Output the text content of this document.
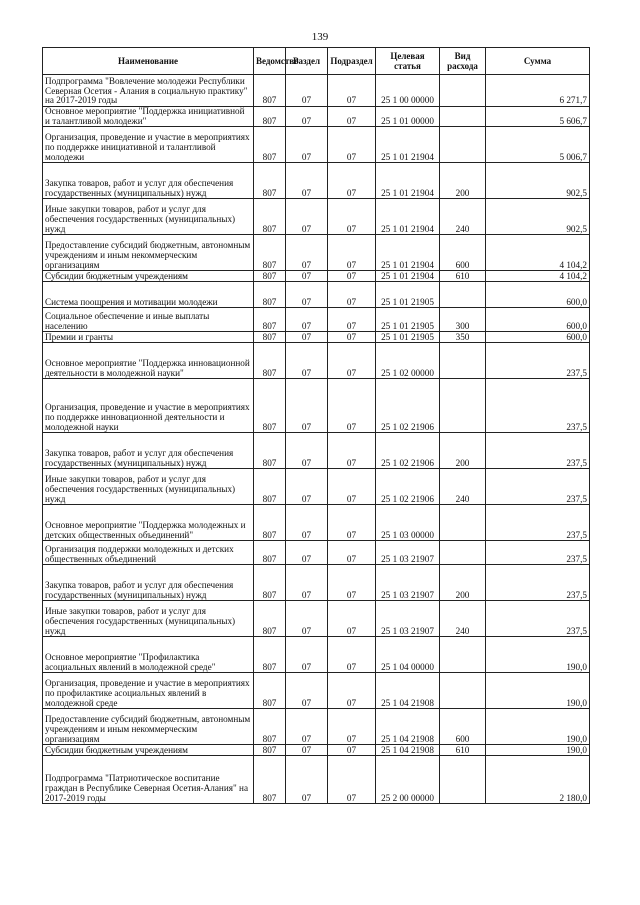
139
Наименование	Ведомство	Раздел	Подраздел	Целевая статья	Вид расхода	Сумма
Подпрограмма "Вовлечение молодежи Республики Северная Осетия - Алания в социальную практику" на 2017-2019 годы	807	07	07	25 1 00 00000		6 271,7
Основное мероприятие "Поддержка инициативной и талантливой молодежи"	807	07	07	25 1 01 00000		5 606,7
Организация, проведение и участие в мероприятиях по поддержке инициативной и талантливой молодежи	807	07	07	25 1 01 21904		5 006,7
Закупка товаров, работ и услуг для обеспечения государственных (муниципальных) нужд	807	07	07	25 1 01 21904	200	902,5
Иные закупки товаров, работ и услуг для обеспечения государственных (муниципальных) нужд	807	07	07	25 1 01 21904	240	902,5
Предоставление субсидий бюджетным, автономным учреждениям и иным некоммерческим организациям	807	07	07	25 1 01 21904	600	4 104,2
Субсидии бюджетным учреждениям	807	07	07	25 1 01 21904	610	4 104,2
Система поощрения и мотивации молодежи	807	07	07	25 1 01 21905		600,0
Социальное обеспечение и иные выплаты населению	807	07	07	25 1 01 21905	300	600,0
Премии и гранты	807	07	07	25 1 01 21905	350	600,0
Основное мероприятие "Поддержка инновационной деятельности в молодежной науки"	807	07	07	25 1 02 00000		237,5
Организация, проведение и участие в мероприятиях по поддержке инновационной деятельности и молодежной науки	807	07	07	25 1 02 21906		237,5
Закупка товаров, работ и услуг для обеспечения государственных (муниципальных) нужд	807	07	07	25 1 02 21906	200	237,5
Иные закупки товаров, работ и услуг для обеспечения государственных (муниципальных) нужд	807	07	07	25 1 02 21906	240	237,5
Основное мероприятие "Поддержка молодежных и детских общественных объединений"	807	07	07	25 1 03 00000		237,5
Организация поддержки молодежных и детских общественных объединений	807	07	07	25 1 03 21907		237,5
Закупка товаров, работ и услуг для обеспечения государственных (муниципальных) нужд	807	07	07	25 1 03 21907	200	237,5
Иные закупки товаров, работ и услуг для обеспечения государственных (муниципальных) нужд	807	07	07	25 1 03 21907	240	237,5
Основное мероприятие "Профилактика асоциальных явлений в молодежной среде"	807	07	07	25 1 04 00000		190,0
Организация, проведение и участие в мероприятиях по профилактике асоциальных явлений в молодежной среде	807	07	07	25 1 04 21908		190,0
Предоставление субсидий бюджетным, автономным учреждениям и иным некоммерческим организациям	807	07	07	25 1 04 21908	600	190,0
Субсидии бюджетным учреждениям	807	07	07	25 1 04 21908	610	190,0
Подпрограмма "Патриотическое воспитание граждан в Республике Северная Осетия-Алания" на 2017-2019 годы	807	07	07	25 2 00 00000		2 180,0
